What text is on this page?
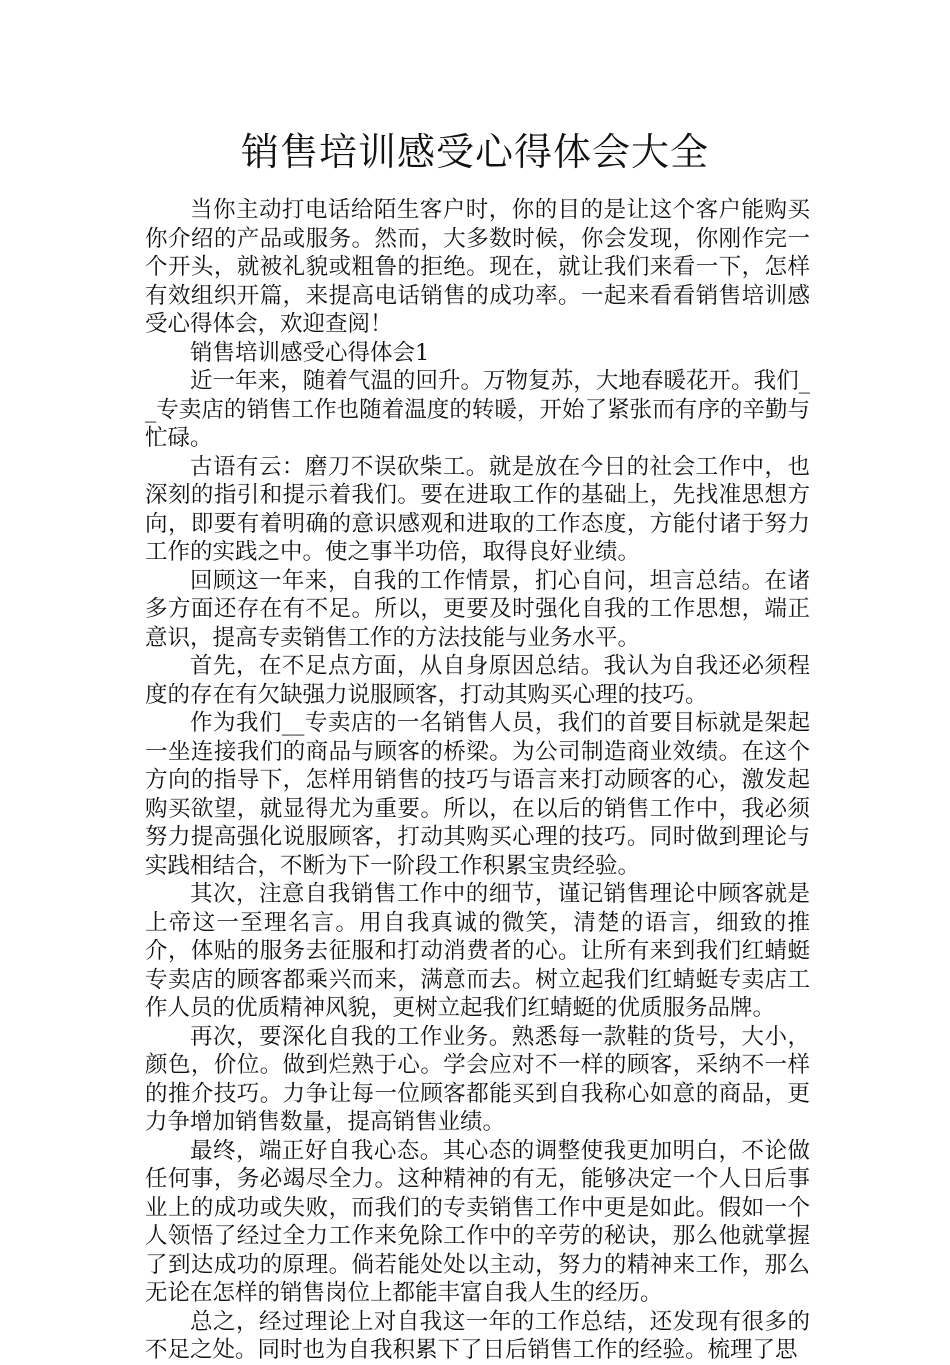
销售培训感受心得体会大全

当你主动打电话给陌生客户时，你的目的是让这个客户能购买你介绍的产品或服务。然而，大多数时候，你会发现，你刚作完一个开头，就被礼貌或粗鲁的拒绝。现在，就让我们来看一下，怎样有效组织开篇，来提高电话销售的成功率。一起来看看销售培训感受心得体会，欢迎查阅！

销售培训感受心得体会1

近一年来，随着气温的回升。万物复苏，大地春暖花开。我们__专卖店的销售工作也随着温度的转暖，开始了紧张而有序的辛勤与忙碌。

古语有云：磨刀不误砍柴工。就是放在今日的社会工作中，也深刻的指引和提示着我们。要在进取工作的基础上，先找准思想方向，即要有着明确的意识感观和进取的工作态度，方能付诸于努力工作的实践之中。使之事半功倍，取得良好业绩。

回顾这一年来，自我的工作情景，扪心自问，坦言总结。在诸多方面还存在有不足。所以，更要及时强化自我的工作思想，端正意识，提高专卖销售工作的方法技能与业务水平。

首先，在不足点方面，从自身原因总结。我认为自我还必须程度的存在有欠缺强力说服顾客，打动其购买心理的技巧。

作为我们__专卖店的一名销售人员，我们的首要目标就是架起一坐连接我们的商品与顾客的桥梁。为公司制造商业效绩。在这个方向的指导下，怎样用销售的技巧与语言来打动顾客的心，激发起购买欲望，就显得尤为重要。所以，在以后的销售工作中，我必须努力提高强化说服顾客，打动其购买心理的技巧。同时做到理论与实践相结合，不断为下一阶段工作积累宝贵经验。

其次，注意自我销售工作中的细节，谨记销售理论中顾客就是上帝这一至理名言。用自我真诚的微笑，清楚的语言，细致的推介，体贴的服务去征服和打动消费者的心。让所有来到我们红蜻蜓专卖店的顾客都乘兴而来，满意而去。树立起我们红蜻蜓专卖店工作人员的优质精神风貌，更树立起我们红蜻蜓的优质服务品牌。

再次，要深化自我的工作业务。熟悉每一款鞋的货号，大小，颜色，价位。做到烂熟于心。学会应对不一样的顾客，采纳不一样的推介技巧。力争让每一位顾客都能买到自我称心如意的商品，更力争增加销售数量，提高销售业绩。

最终，端正好自我心态。其心态的调整使我更加明白，不论做任何事，务必竭尽全力。这种精神的有无，能够决定一个人日后事业上的成功或失败，而我们的专卖销售工作中更是如此。假如一个人领悟了经过全力工作来免除工作中的辛劳的秘诀，那么他就掌握了到达成功的原理。倘若能处处以主动，努力的精神来工作，那么无论在怎样的销售岗位上都能丰富自我人生的经历。

总之，经过理论上对自我这一年的工作总结，还发现有很多的不足之处。同时也为自我积累下了日后销售工作的经验。梳理了思
